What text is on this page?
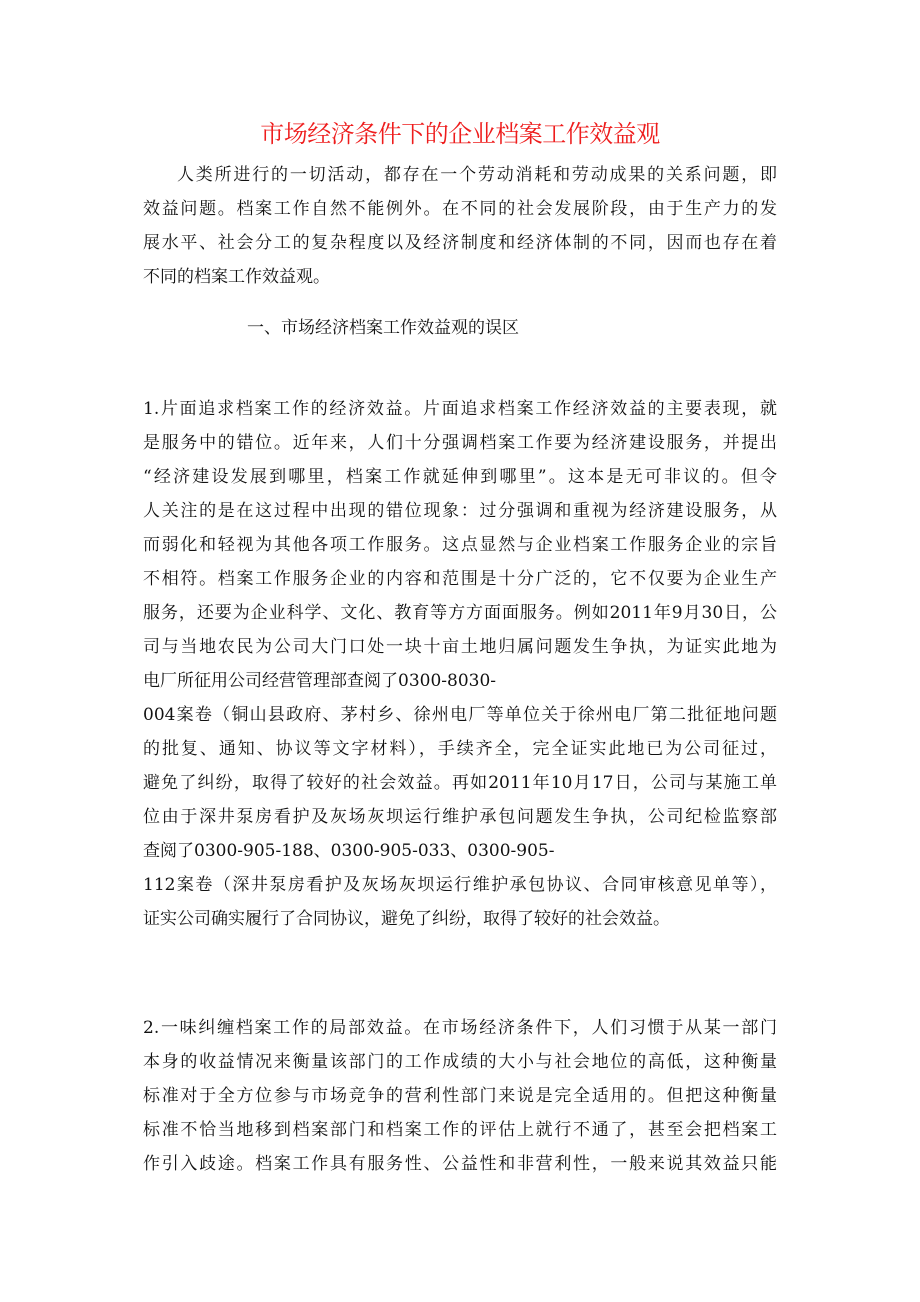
市场经济条件下的企业档案工作效益观
人类所进行的一切活动，都存在一个劳动消耗和劳动成果的关系问题，即
效益问题。档案工作自然不能例外。在不同的社会发展阶段，由于生产力的发
展水平、社会分工的复杂程度以及经济制度和经济体制的不同，因而也存在着
不同的档案工作效益观。
一、市场经济档案工作效益观的误区
1.片面追求档案工作的经济效益。片面追求档案工作经济效益的主要表现，就
是服务中的错位。近年来，人们十分强调档案工作要为经济建设服务，并提出
“经济建设发展到哪里，档案工作就延伸到哪里”。这本是无可非议的。但令
人关注的是在这过程中出现的错位现象：过分强调和重视为经济建设服务，从
而弱化和轻视为其他各项工作服务。这点显然与企业档案工作服务企业的宗旨
不相符。档案工作服务企业的内容和范围是十分广泛的，它不仅要为企业生产
服务，还要为企业科学、文化、教育等方方面面服务。例如2011年9月30日，公
司与当地农民为公司大门口处一块十亩土地归属问题发生争执，为证实此地为
电厂所征用公司经营管理部查阅了0300-8030-
004案卷（铜山县政府、茅村乡、徐州电厂等单位关于徐州电厂第二批征地问题
的批复、通知、协议等文字材料），手续齐全，完全证实此地已为公司征过，
避免了纠纷，取得了较好的社会效益。再如2011年10月17日，公司与某施工单
位由于深井泵房看护及灰场灰坝运行维护承包问题发生争执，公司纪检监察部
查阅了0300-905-188、0300-905-033、0300-905-
112案卷（深井泵房看护及灰场灰坝运行维护承包协议、合同审核意见单等），
证实公司确实履行了合同协议，避免了纠纷，取得了较好的社会效益。
2.一味纠缠档案工作的局部效益。在市场经济条件下，人们习惯于从某一部门
本身的收益情况来衡量该部门的工作成绩的大小与社会地位的高低，这种衡量
标准对于全方位参与市场竞争的营利性部门来说是完全适用的。但把这种衡量
标准不恰当地移到档案部门和档案工作的评估上就行不通了，甚至会把档案工
作引入歧途。档案工作具有服务性、公益性和非营利性，一般来说其效益只能
